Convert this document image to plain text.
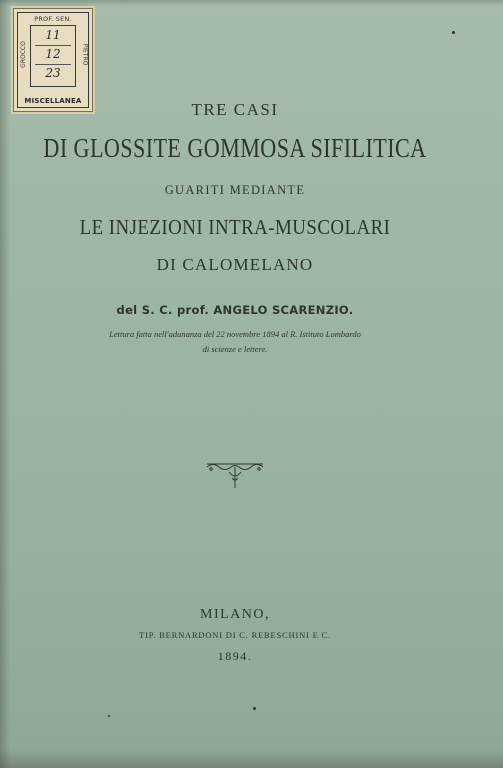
PROF. SEN.
GROCCO	PIETRO
11
12
23
MISCELLANEA	TRE CASI
DI GLOSSITE GOMMOSA SIFILITICA
GUARITI MEDIANTE
LE INJEZIONI INTRA-MUSCOLARI
DI CALOMELANO
del S. C. prof. ANGELO SCARENZIO.
Lettura fatta nell'adunanza del 22 novembre 1894 al R. Istituto Lombardo
di scienze e lettere.
MILANO,
TIP. BERNARDONI DI C. REBESCHINI E C.
1894.
